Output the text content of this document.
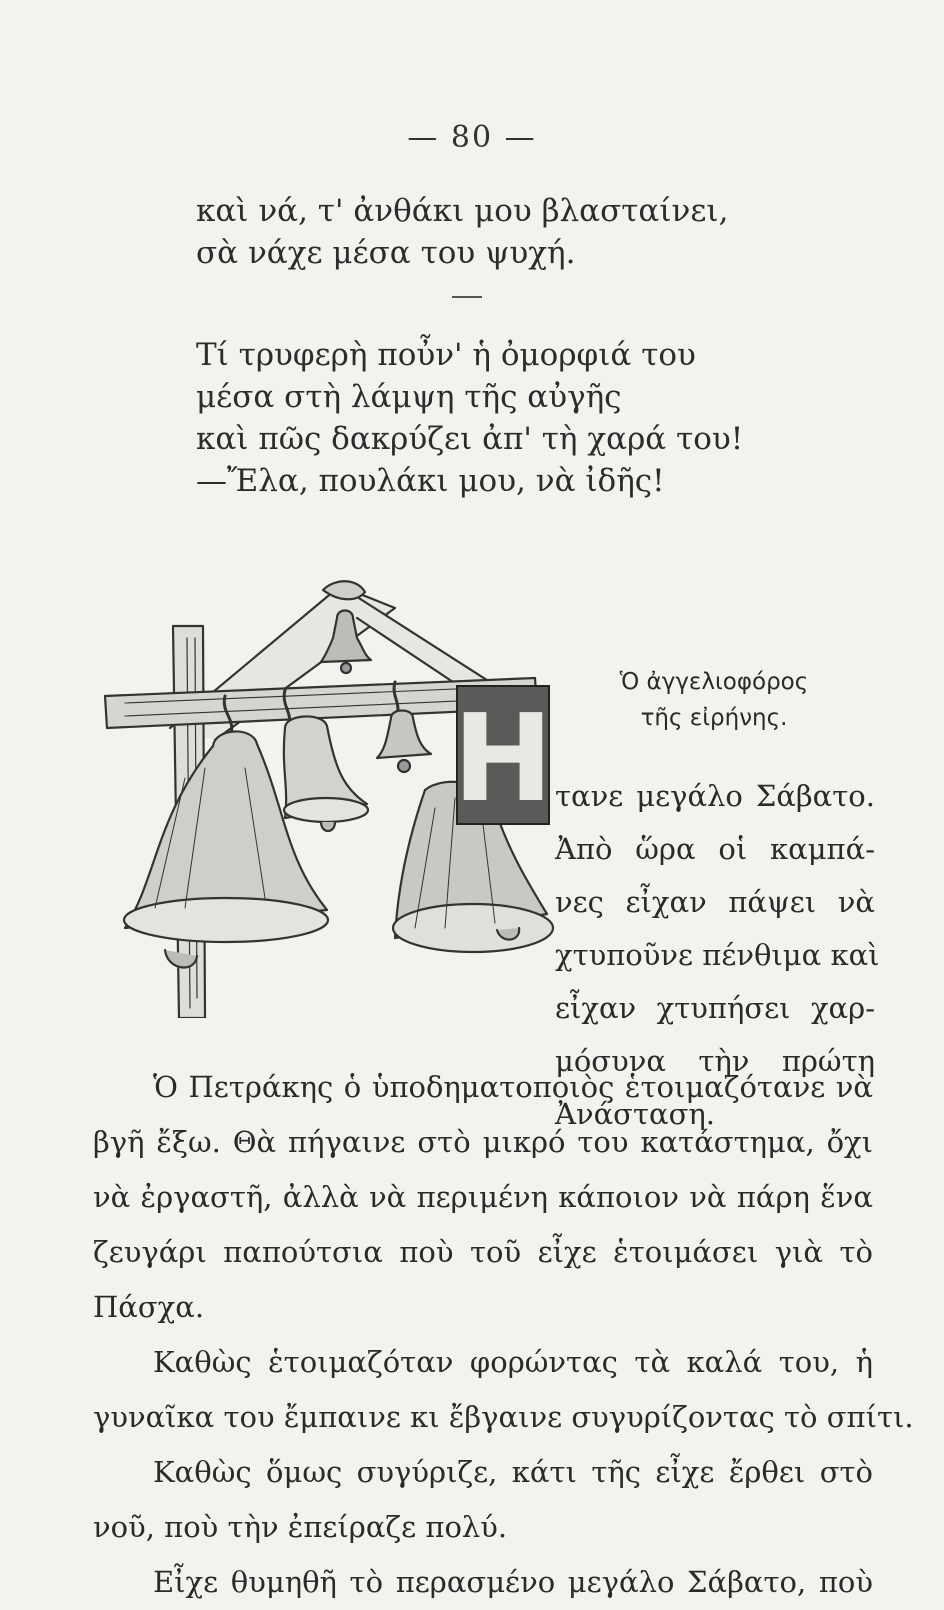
— 80 —
καὶ νά, τ' ἀνθάκι μου βλασταίνει,
σὰ νάχε μέσα του ψυχή.
Τί τρυφερὴ ποὖν' ἡ ὀμορφιά του
μέσα στὴ λάμψη τῆς αὐγῆς
καὶ πῶς δακρύζει ἀπ' τὴ χαρά του!
—Ἔλα, πουλάκι μου, νὰ ἰδῆς!
H
Ὁ ἀγγελιοφόρος
τῆς εἰρήνης.
τανε μεγάλο Σάβατο.
Ἀπὸ ὥρα οἱ καμπά-
νες εἶχαν πάψει νὰ
χτυποῦνε πένθιμα καὶ
εἶχαν χτυπήσει χαρ-
μόσυνα τὴν πρώτη
Ἀνάσταση.
Ὁ Πετράκης ὁ ὑποδηματοποιὸς ἑτοιμαζότανε νὰ
βγῆ ἔξω. Θὰ πήγαινε στὸ μικρό του κατάστημα, ὄχι
νὰ ἐργαστῆ, ἀλλὰ νὰ περιμένη κάποιον νὰ πάρη ἕνα
ζευγάρι παπούτσια ποὺ τοῦ εἶχε ἑτοιμάσει γιὰ τὸ
Πάσχα.
Καθὼς ἑτοιμαζόταν φορώντας τὰ καλά του, ἡ
γυναῖκα του ἔμπαινε κι ἔβγαινε συγυρίζοντας τὸ σπίτι.
Καθὼς ὅμως συγύριζε, κάτι τῆς εἶχε ἔρθει στὸ
νοῦ, ποὺ τὴν ἐπείραζε πολύ.
Εἶχε θυμηθῆ τὸ περασμένο μεγάλο Σάβατο, ποὺ
